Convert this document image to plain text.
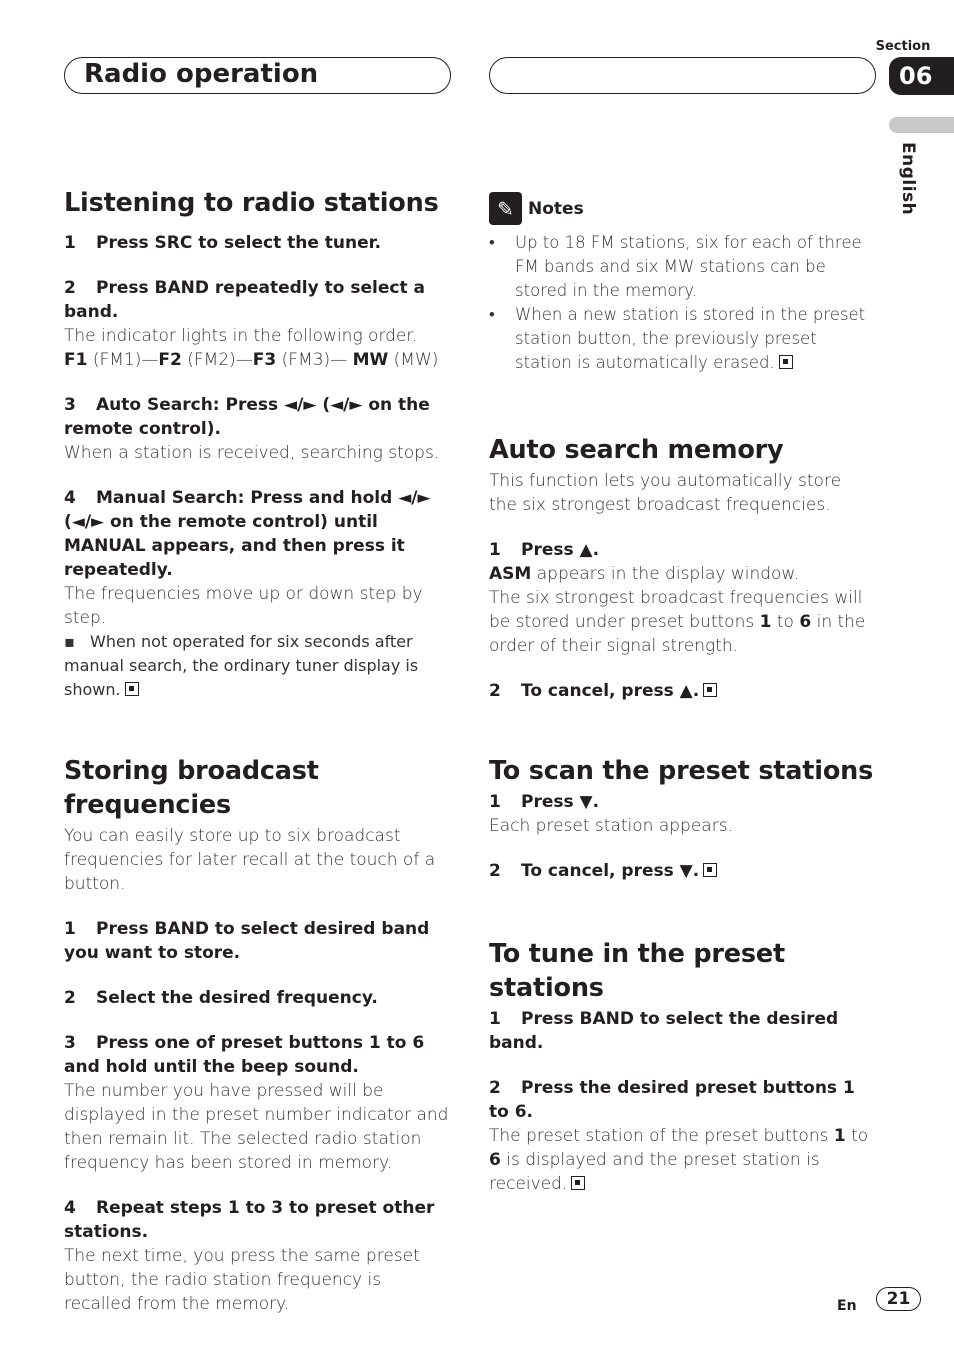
Radio operation
Section
06
English
Listening to radio stations

1 Press SRC to select the tuner.

2 Press BAND repeatedly to select a band.

The indicator lights in the following order.

F1 (FM1)—F2 (FM2)—F3 (FM3)— MW (MW)

3 Auto Search: Press ◄/► (◄/► on the remote control).

When a station is received, searching stops.

4 Manual Search: Press and hold ◄/► (◄/► on the remote control) until MANUAL appears, and then press it repeatedly.

The frequencies move up or down step by step.

▪ When not operated for six seconds after manual search, the ordinary tuner display is shown.

Storing broadcast frequencies

You can easily store up to six broadcast frequencies for later recall at the touch of a button.

1 Press BAND to select desired band you want to store.

2 Select the desired frequency.

3 Press one of preset buttons 1 to 6 and hold until the beep sound.

The number you have pressed will be displayed in the preset number indicator and then remain lit. The selected radio station frequency has been stored in memory.

4 Repeat steps 1 to 3 to preset other stations.

The next time, you press the same preset button, the radio station frequency is recalled from the memory.

✎ Notes
•	Up to 18 FM stations, six for each of three FM bands and six MW stations can be stored in the memory.
•	When a new station is stored in the preset station button, the previously preset station is automatically erased.
Auto search memory

This function lets you automatically store the six strongest broadcast frequencies.

1 Press ▲.

ASM appears in the display window.

The six strongest broadcast frequencies will be stored under preset buttons 1 to 6 in the order of their signal strength.

2 To cancel, press ▲.

To scan the preset stations

1 Press ▼.

Each preset station appears.

2 To cancel, press ▼.

To tune in the preset stations

1 Press BAND to select the desired band.

2 Press the desired preset buttons 1 to 6.

The preset station of the preset buttons 1 to 6 is displayed and the preset station is received.

En	21
